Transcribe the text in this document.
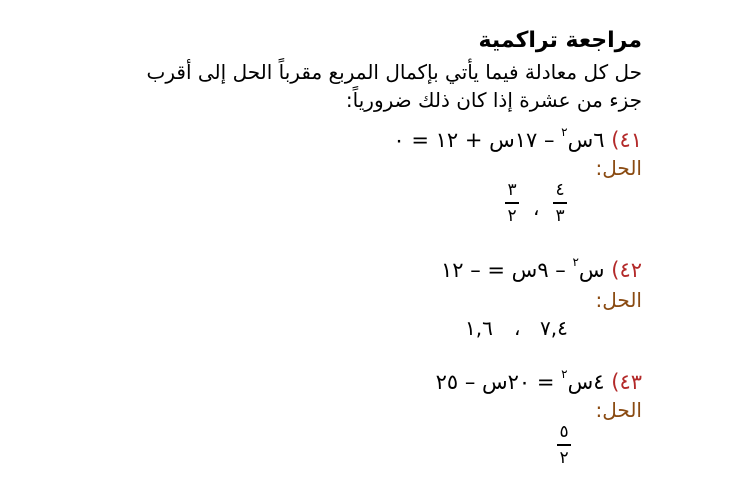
مراجعة تراكمية
حل كل معادلة فيما يأتي بإكمال المربع مقرباً الحل إلى أقرب
جزء من عشرة إذا كان ذلك ضرورياً:
٤١) ٦س$^٢$ – ١٧س + ١٢ = ٠
الحل:
٤
٣
،
٣
٢
٤٢) س$^٢$ – ٩س = – ١٢
الحل:
٧,٤
،
١,٦
٤٣) ٤س$^٢$ = ٢٠س – ٢٥
الحل:
٥
٢
